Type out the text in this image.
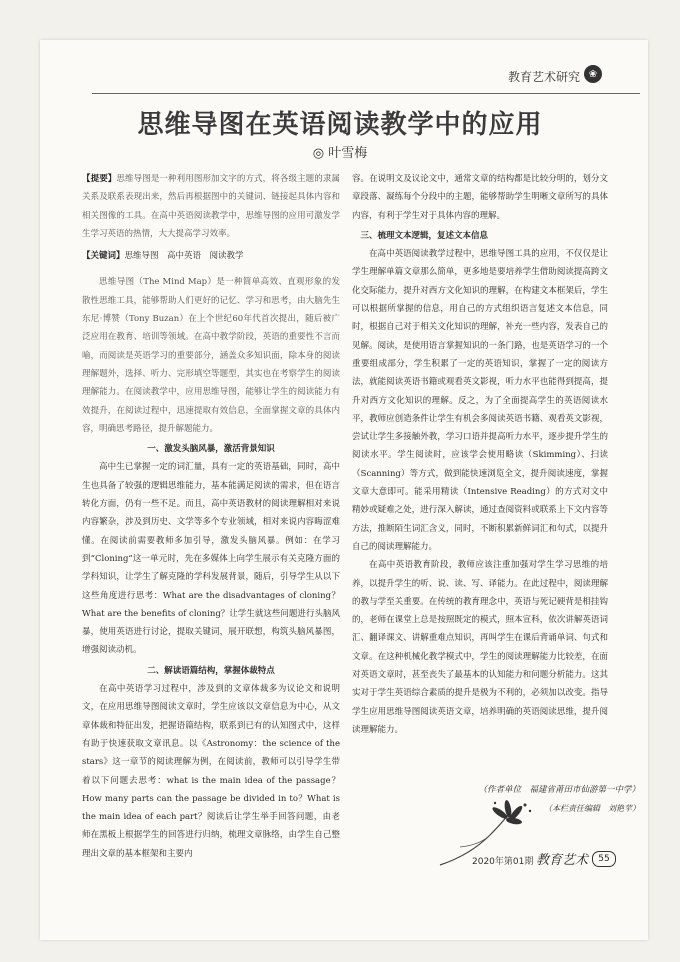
教育艺术研究 ❀
思维导图在英语阅读教学中的应用
◎ 叶雪梅

【提要】思维导图是一种利用图形加文字的方式，将各级主题的隶属关系及联系表现出来，然后再根据图中的关键词、链接起具体内容和相关图像的工具。在高中英语阅读教学中，思维导图的应用可激发学生学习英语的热情，大大提高学习效率。

【关键词】思维导图　高中英语　阅读教学

思维导图（The Mind Map）是一种简单高效、直观形象的发散性思维工具，能够帮助人们更好的记忆、学习和思考，由大脑先生东尼·博赞（Tony Buzan）在上个世纪60年代首次提出，随后被广泛应用在教育、培训等领域。在高中教学阶段，英语的重要性不言而喻，而阅读是英语学习的重要部分，涵盖众多知识面，除本身的阅读理解题外，选择、听力、完形填空等题型，其实也在考察学生的阅读理解能力。在阅读教学中，应用思维导图，能够让学生的阅读能力有效提升，在阅读过程中，迅速提取有效信息，全面掌握文章的具体内容，明确思考路径，提升解题能力。

一、激发头脑风暴，激活背景知识

高中生已掌握一定的词汇量，具有一定的英语基础，同时，高中生也具备了较强的逻辑思维能力，基本能满足阅读的需求，但在语言转化方面，仍有一些不足。而且，高中英语教材的阅读理解相对来说内容繁杂，涉及到历史、文学等多个专业领域，相对来说内容晦涩难懂。在阅读前需要教师多加引导，激发头脑风暴。例如：在学习到“Cloning”这一单元时，先在多媒体上向学生展示有关克隆方面的学科知识，让学生了解克隆的学科发展背景，随后，引导学生从以下这些角度进行思考：What are the disadvantages of cloning？What are the benefits of cloning？让学生就这些问题进行头脑风暴，使用英语进行讨论，提取关键词，展开联想，构筑头脑风暴图，增强阅读动机。

二、解读语篇结构，掌握体裁特点

在高中英语学习过程中，涉及到的文章体裁多为议论文和说明文，在应用思维导图阅读文章时，学生应该以文章信息为中心，从文章体裁和特征出发，把握语篇结构，联系到已有的认知图式中，这样有助于快速获取文章讯息。以《Astronomy：the science of the stars》这一章节的阅读理解为例，在阅读前，教师可以引导学生带着以下问题去思考：what is the main idea of the passage？How many parts can the passage be divided in to？What is the main idea of each part？阅读后让学生举手回答问题，由老师在黑板上根据学生的回答进行归纳，梳理文章脉络，由学生自己整理出文章的基本框架和主要内

容。在说明文及议论文中，通常文章的结构都是比较分明的，划分文章段落、凝练每个分段中的主题，能够帮助学生明晰文章所写的具体内容，有利于学生对于具体内容的理解。

三、梳理文本逻辑，复述文本信息

在高中英语阅读教学过程中，思维导图工具的应用，不仅仅是让学生理解单篇文章那么简单，更多地是要培养学生借助阅读提高跨文化交际能力，提升对西方文化知识的理解，在构建文本框架后，学生可以根据所掌握的信息，用自己的方式组织语言复述文本信息，同时，根据自己对于相关文化知识的理解，补充一些内容，发表自己的见解。阅读，是使用语言掌握知识的一条门路，也是英语学习的一个重要组成部分，学生积累了一定的英语知识，掌握了一定的阅读方法，就能阅读英语书籍或观看英文影视，听力水平也能得到提高，提升对西方文化知识的理解。反之，为了全面提高学生的英语阅读水平，教师应创造条件让学生有机会多阅读英语书籍、观看英文影视，尝试让学生多接触外教，学习口语并提高听力水平，逐步提升学生的阅读水平。学生阅读时，应该学会使用略读（Skimming）、扫读（Scanning）等方式，做到能快速浏览全文，提升阅读速度，掌握文章大意即可。能采用精读（Intensive Reading）的方式对文中精妙或疑难之处，进行深入解读，通过查阅资料或联系上下文内容等方法，推断陌生词汇含义，同时，不断积累新鲜词汇和句式，以提升自己的阅读理解能力。

在高中英语教育阶段，教师应该注重加强对学生学习思维的培养，以提升学生的听、说、读、写、译能力。在此过程中，阅读理解的教与学至关重要。在传统的教育理念中，英语与死记硬背是相挂钩的，老师在课堂上总是按照既定的模式，照本宣科，依次讲解英语词汇、翻译课文、讲解重难点知识，再叫学生在课后背诵单词、句式和文章。在这种机械化教学模式中，学生的阅读理解能力比较差，在面对英语文章时，甚至丧失了最基本的认知能力和问题分析能力。这其实对于学生英语综合素质的提升是极为不利的，必须加以改变。指导学生应用思维导图阅读英语文章，培养明确的英语阅读思维，提升阅读理解能力。

（作者单位　福建省莆田市仙游第一中学）
（本栏责任编辑　刘艳苹）
2020年第01期 教育艺术	55
